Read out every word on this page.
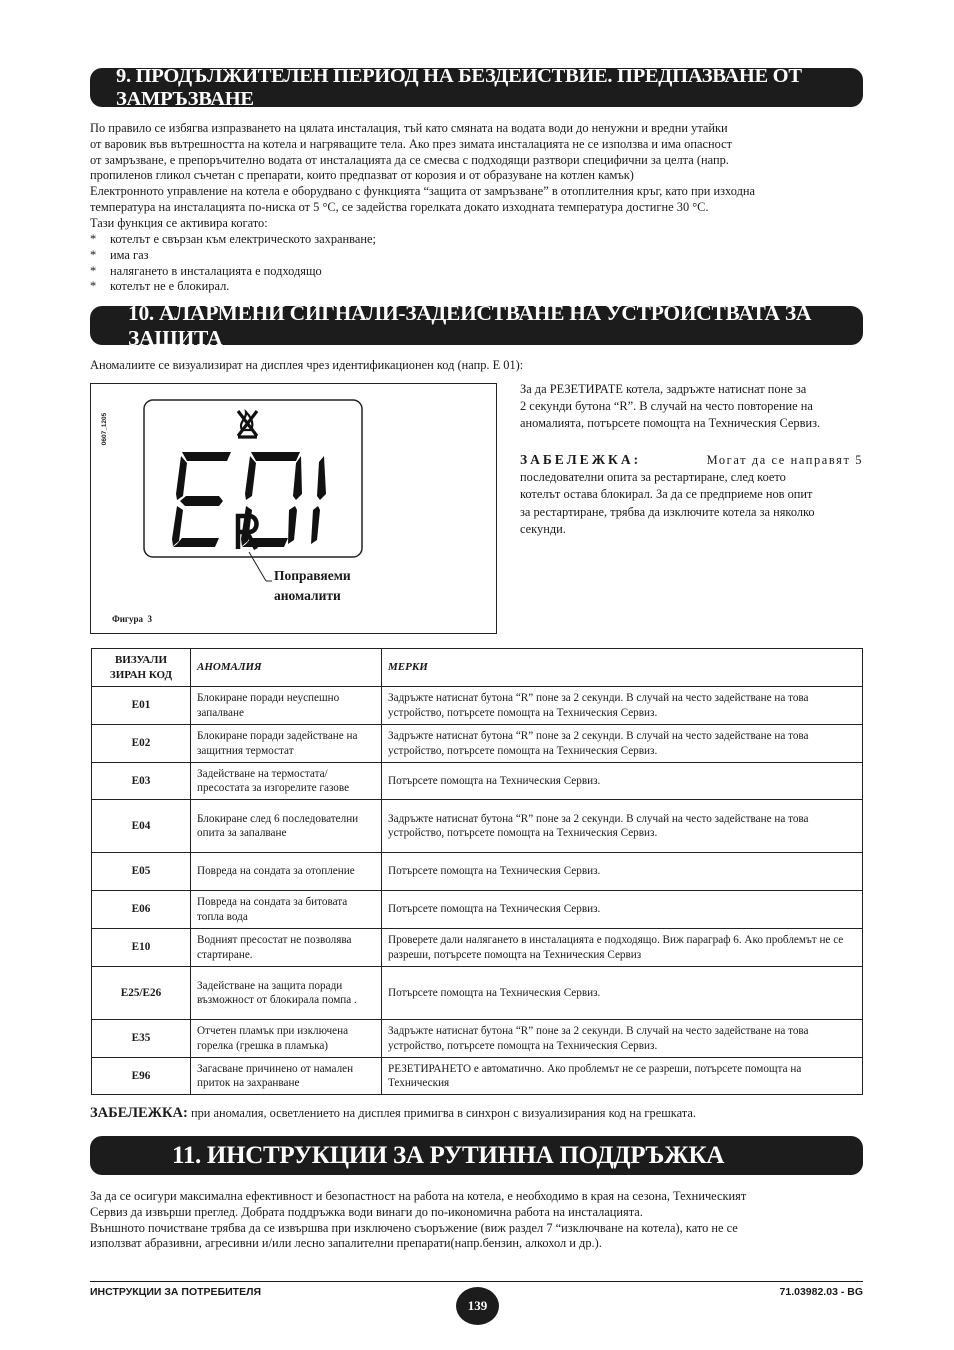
9. ПРОДЪЛЖИТЕЛЕН ПЕРИОД НА БЕЗДЕЙСТВИЕ. ПРЕДПАЗВАНЕ ОТ ЗАМРЪЗВАНЕ
По правило се избягва изпразването на цялата инсталация, тъй като смяната на водата води до ненужни и вредни утайки
от варовик във вътрешността на котела и нагряващите тела. Ако през зимата инсталацията не се използва и има опасност
от замръзване, е препоръчително водата от инсталацията да се смесва с подходящи разтвори специфични за целта (напр.
пропиленов гликол съчетан с препарати, които предпазват от корозия и от образуване на котлен камък)
Електронното управление на котела е оборудвано с функцията “защита от замръзване” в отоплителния кръг, като при изходна
температура на инсталацията по-ниска от 5 °C, се задейства горелката докато изходната температура достигне 30 °C.
Тази функция се активира когато:
*	котелът е свързан към електрическото захранване;
*	има газ
*	налягането в инсталацията е подходящо
*	котелът не е блокирал.
10. АЛАРМЕНИ СИГНАЛИ-ЗАДЕЙСТВАНЕ НА УСТРОЙСТВАТА ЗА ЗАЩИТА
Аномалиите се визуализират на дисплея чрез идентификационен код (напр. E 01):
0607_1205
Поправяеми
аномалити
Фигура  3
За да РЕЗЕТИРАТЕ котела, задръжте натиснат поне за
2 секунди бутона “R”. В случай на често повторение на
аномалията, потърсете помощта на Техническия Сервиз.
ЗАБЕЛЕЖКА:	Могат да се направят 5
последователни опита за рестартиране, след което
котелът остава блокирал. За да се предприеме нов опит
за рестартиране, трябва да изключите котела за няколко
секунди.
ВИЗУАЛИ ЗИРАН КОД	АНОМАЛИЯ	МЕРКИ
E01	Блокиране поради неуспешно запалване	Задръжте натиснат бутона “R” поне за 2 секунди. В случай на често задействане на това устройство, потърсете помощта на Техническия Сервиз.
E02	Блокиране поради задействане на защитния термостат	Задръжте натиснат бутона “R” поне за 2 секунди. В случай на често задействане на това устройство, потърсете помощта на Техническия Сервиз.
E03	Задействане на термостата/ пресостата за изгорелите газове	Потърсете помощта на Техническия Сервиз.
E04	Блокиране след 6 последователни опита за запалване	Задръжте натиснат бутона “R” поне за 2 секунди. В случай на често задействане на това устройство, потърсете помощта на Техническия Сервиз.
E05	Повреда на сондата за отопление	Потърсете помощта на Техническия Сервиз.
E06	Повреда на сондата за битовата топла вода	Потърсете помощта на Техническия Сервиз.
E10	Водният пресостат не позволява стартиране.	Проверете дали налягането в инсталацията е подходящо. Виж параграф 6. Ако проблемът не се разреши, потърсете помощта на Техническия Сервиз
E25/E26	Задействане на защита поради възможност от блокирала помпа .	Потърсете помощта на Техническия Сервиз.
E35	Отчетен пламък при изключена горелка (грешка в пламъка)	Задръжте натиснат бутона “R” поне за 2 секунди. В случай на често задействане на това устройство, потърсете помощта на Техническия Сервиз.
E96	Загасване причинено от намален приток на захранване	РЕЗЕТИРАНЕТО е автоматично. Ако проблемът не се разреши, потърсете помощта на Техническия
ЗАБЕЛЕЖКА: при аномалия, осветлението на дисплея примигва в синхрон с визуализирания код на грешката.
11. ИНСТРУКЦИИ ЗА РУТИННА ПОДДРЪЖКА
За да се осигури максимална ефективност и безопастност на работа на котела, е необходимо в края на сезона, Техническият
Сервиз да извърши преглед. Добрата поддръжка води винаги до по-икономична работа на инсталацията.
Външното почистване трябва да се извършва при изключено съоръжение (виж раздел 7 “изключване на котела), като не се
използват абразивни, агресивни и/или лесно запалителни препарати(напр.бензин, алкохол и др.).
ИНСТРУКЦИИ ЗА ПОТРЕБИТЕЛЯ
139
71.03982.03 - BG
